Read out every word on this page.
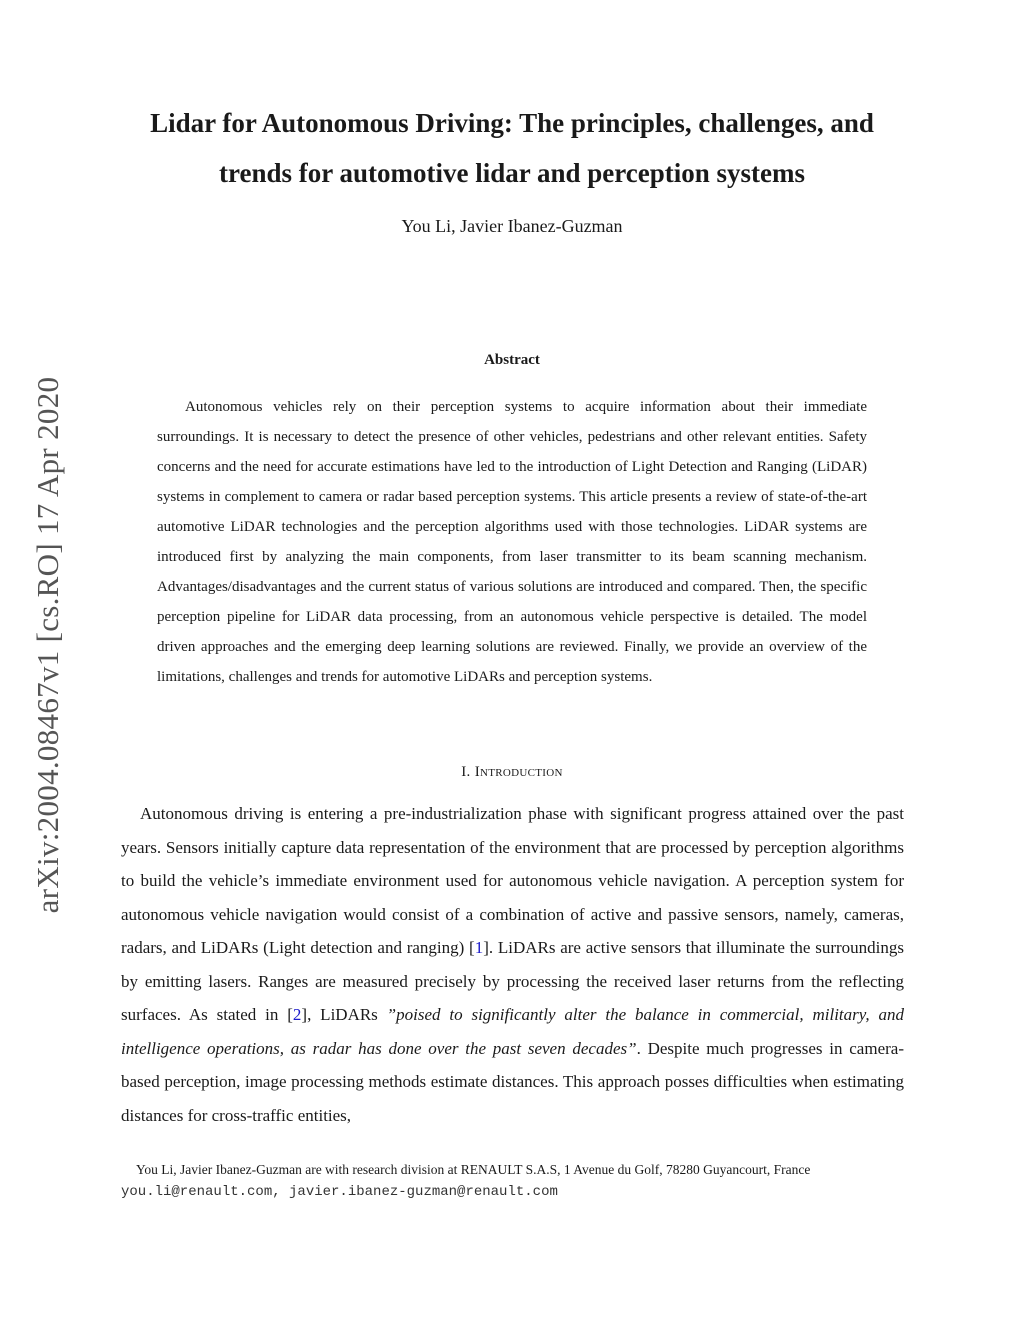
arXiv:2004.08467v1 [cs.RO] 17 Apr 2020
Lidar for Autonomous Driving: The principles, challenges, and
trends for automotive lidar and perception systems
You Li, Javier Ibanez-Guzman
Abstract

Autonomous vehicles rely on their perception systems to acquire information about their immediate surroundings. It is necessary to detect the presence of other vehicles, pedestrians and other relevant entities. Safety concerns and the need for accurate estimations have led to the introduction of Light Detection and Ranging (LiDAR) systems in complement to camera or radar based perception systems. This article presents a review of state-of-the-art automotive LiDAR technologies and the perception algorithms used with those technologies. LiDAR systems are introduced first by analyzing the main components, from laser transmitter to its beam scanning mechanism. Advantages/disadvantages and the current status of various solutions are introduced and compared. Then, the specific perception pipeline for LiDAR data processing, from an autonomous vehicle perspective is detailed. The model driven approaches and the emerging deep learning solutions are reviewed. Finally, we provide an overview of the limitations, challenges and trends for automotive LiDARs and perception systems.

I. Introduction

Autonomous driving is entering a pre-industrialization phase with significant progress attained over the past years. Sensors initially capture data representation of the environment that are processed by perception algorithms to build the vehicle’s immediate environment used for autonomous vehicle navigation. A perception system for autonomous vehicle navigation would consist of a combination of active and passive sensors, namely, cameras, radars, and LiDARs (Light detection and ranging) [1]. LiDARs are active sensors that illuminate the surroundings by emitting lasers. Ranges are measured precisely by processing the received laser returns from the reflecting surfaces. As stated in [2], LiDARs ”poised to significantly alter the balance in commercial, military, and intelligence operations, as radar has done over the past seven decades”. Despite much progresses in camera-based perception, image processing methods estimate distances. This approach posses difficulties when estimating distances for cross-traffic entities,

You Li, Javier Ibanez-Guzman are with research division at RENAULT S.A.S, 1 Avenue du Golf, 78280 Guyancourt, France

you.li@renault.com, javier.ibanez-guzman@renault.com
